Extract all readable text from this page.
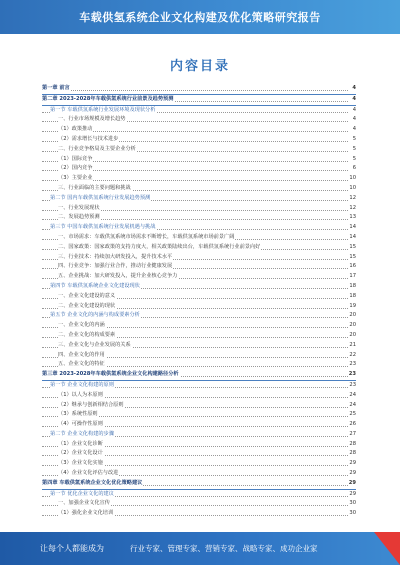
车载供氢系统企业文化构建及优化策略研究报告
内容目录
第一章 前言	4
第二章 2023-2028年车载供氢系统行业前景及趋势预测	4
第一节 车载供氢系统行业发展环境及现状分析	4
一、行业市场规模及增长趋势	4
（1）政策推动	4
（2）需求增长与技术进步	5
二、行业竞争格局及主要企业分析	5
（1）国际竞争	5
（2）国内竞争	6
（3）主要企业	10
三、行业面临的主要问题和挑战	10
第二节 国内车载供氢系统行业发展趋势预测	12
一、行业发展现状	12
二、发展趋势预测	13
第三节 中国车载供氢系统行业发展机遇与挑战	14
一、市场需求：车载供氢系统市场需求不断增长，车载供氢系统市场前景广阔	14
二、国家政策：国家政策的支持力度大，相关政策陆续出台，车载供氢系统行业前景向好	15
三、行业技术：持续加大研发投入，提升技术水平	15
四、行业竞争：加强行业合作，推动行业健康发展	16
五、企业挑战：加大研发投入，提升企业核心竞争力	17
第四节 车载供氢系统企业文化建设现状	18
一、企业文化建设的意义	18
二、企业文化建设的现状	19
第五节 企业文化的内涵与构成要素分析	20
一、企业文化的内涵	20
二、企业文化的构成要素	20
三、企业文化与企业发展的关系	21
四、企业文化的作用	22
五、企业文化的特征	23
第三章 2023-2028年车载供氢系统企业文化构建路径分析	23
第一节 企业文化构建的原则	23
（1）以人为本原则	24
（2）继承与创新相结合原则	24
（3）系统性原则	25
（4）可操作性原则	26
第二节 企业文化构建的步骤	27
（1）企业文化诊断	28
（2）企业文化设计	28
（3）企业文化实施	29
（4）企业文化评估与改进	29
第四章 车载供氢系统企业文化优化策略建议	29
第一节 优化企业文化的建议	29
一、加强企业文化宣传	30
（1）强化企业文化培训	30
让每个人都能成为	行业专家、管理专家、营销专家、战略专家、成功企业家
